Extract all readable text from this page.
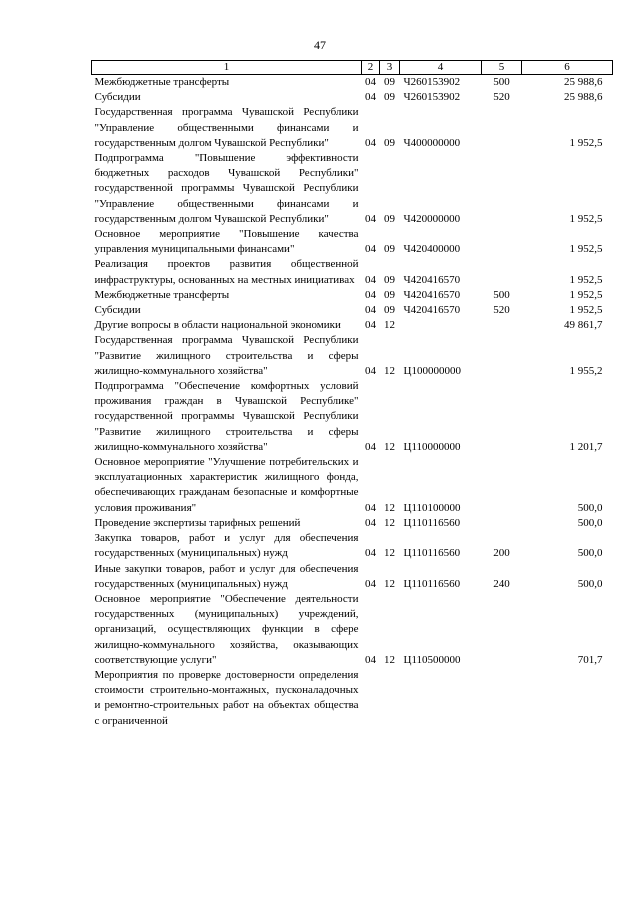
47
1	2	3	4	5	6
Межбюджетные трансферты	04	09	Ч260153902	500	25 988,6
Субсидии	04	09	Ч260153902	520	25 988,6
Государственная программа Чувашской Республики "Управление общественными финансами и государственным долгом Чувашской Республики"	04	09	Ч400000000		1 952,5
Подпрограмма "Повышение эффективности бюджетных расходов Чувашской Республики" государственной программы Чувашской Республики "Управление общественными финансами и государственным долгом Чувашской Республики"	04	09	Ч420000000		1 952,5
Основное мероприятие "Повышение качества управления муниципальными финансами"	04	09	Ч420400000		1 952,5
Реализация проектов развития общественной инфраструктуры, основанных на местных инициативах	04	09	Ч420416570		1 952,5
Межбюджетные трансферты	04	09	Ч420416570	500	1 952,5
Субсидии	04	09	Ч420416570	520	1 952,5
Другие вопросы в области национальной экономики	04	12			49 861,7
Государственная программа Чувашской Республики "Развитие жилищного строительства и сферы жилищно-коммунального хозяйства"	04	12	Ц100000000		1 955,2
Подпрограмма "Обеспечение комфортных условий проживания граждан в Чувашской Республике" государственной программы Чувашской Республики "Развитие жилищного строительства и сферы жилищно-коммунального хозяйства"	04	12	Ц110000000		1 201,7
Основное мероприятие "Улучшение потребительских и эксплуатационных характеристик жилищного фонда, обеспечивающих гражданам безопасные и комфортные условия проживания"	04	12	Ц110100000		500,0
Проведение экспертизы тарифных решений	04	12	Ц110116560		500,0
Закупка товаров, работ и услуг для обеспечения государственных (муниципальных) нужд	04	12	Ц110116560	200	500,0
Иные закупки товаров, работ и услуг для обеспечения государственных (муниципальных) нужд	04	12	Ц110116560	240	500,0
Основное мероприятие "Обеспечение деятельности государственных (муниципальных) учреждений, организаций, осуществляющих функции в сфере жилищно-коммунального хозяйства, оказывающих соответствующие услуги"	04	12	Ц110500000		701,7
Мероприятия по проверке достоверности определения стоимости строительно-монтажных, пусконаладочных и ремонтно-строительных работ на объектах общества с ограниченной					
